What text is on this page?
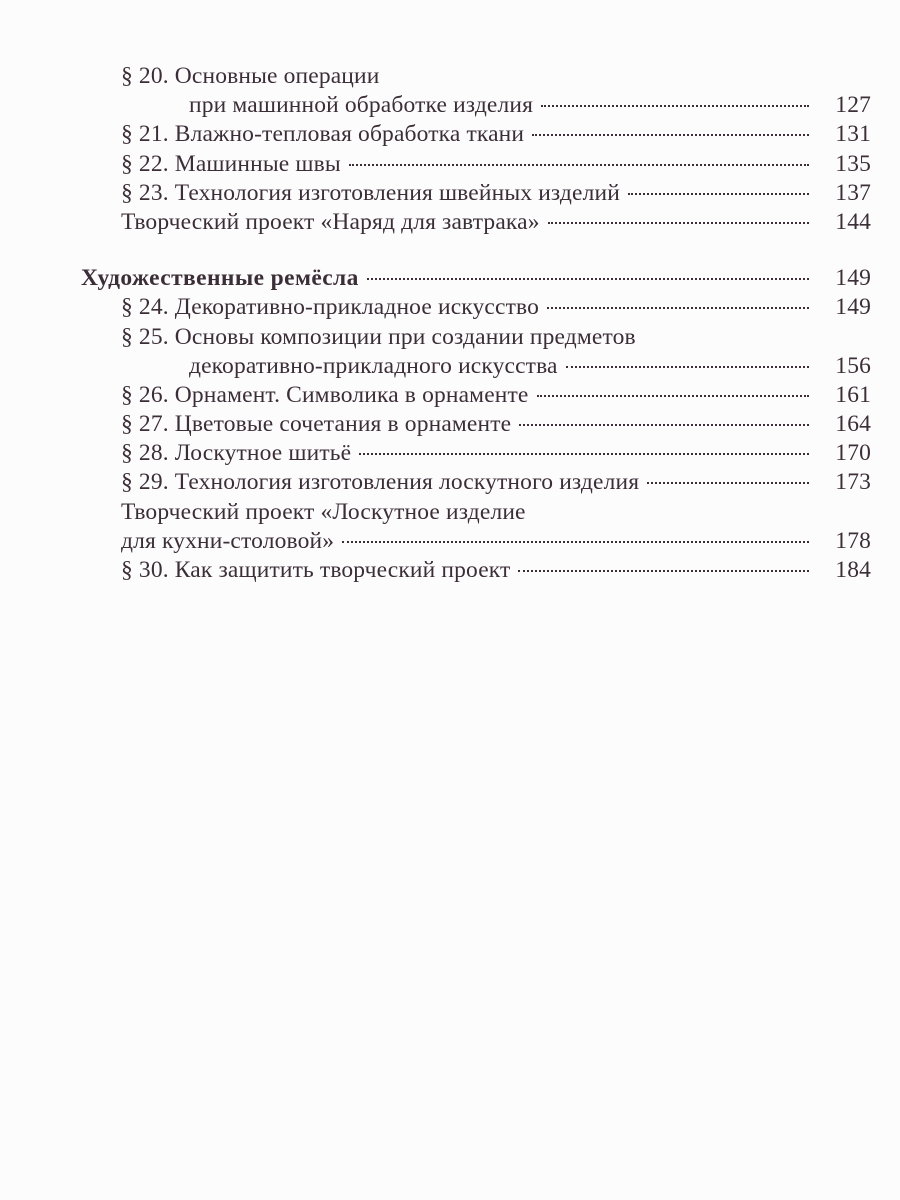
§ 20. Основные операции
при машинной обработке изделия	127
§ 21. Влажно-тепловая обработка ткани	131
§ 22. Машинные швы	135
§ 23. Технология изготовления швейных изделий	137
Творческий проект «Наряд для завтрака»	144
Художественные ремёсла	149
§ 24. Декоративно-прикладное искусство	149
§ 25. Основы композиции при создании предметов
декоративно-прикладного искусства	156
§ 26. Орнамент. Символика в орнаменте	161
§ 27. Цветовые сочетания в орнаменте	164
§ 28. Лоскутное шитьё	170
§ 29. Технология изготовления лоскутного изделия	173
Творческий проект «Лоскутное изделие
для кухни-столовой»	178
§ 30. Как защитить творческий проект	184
